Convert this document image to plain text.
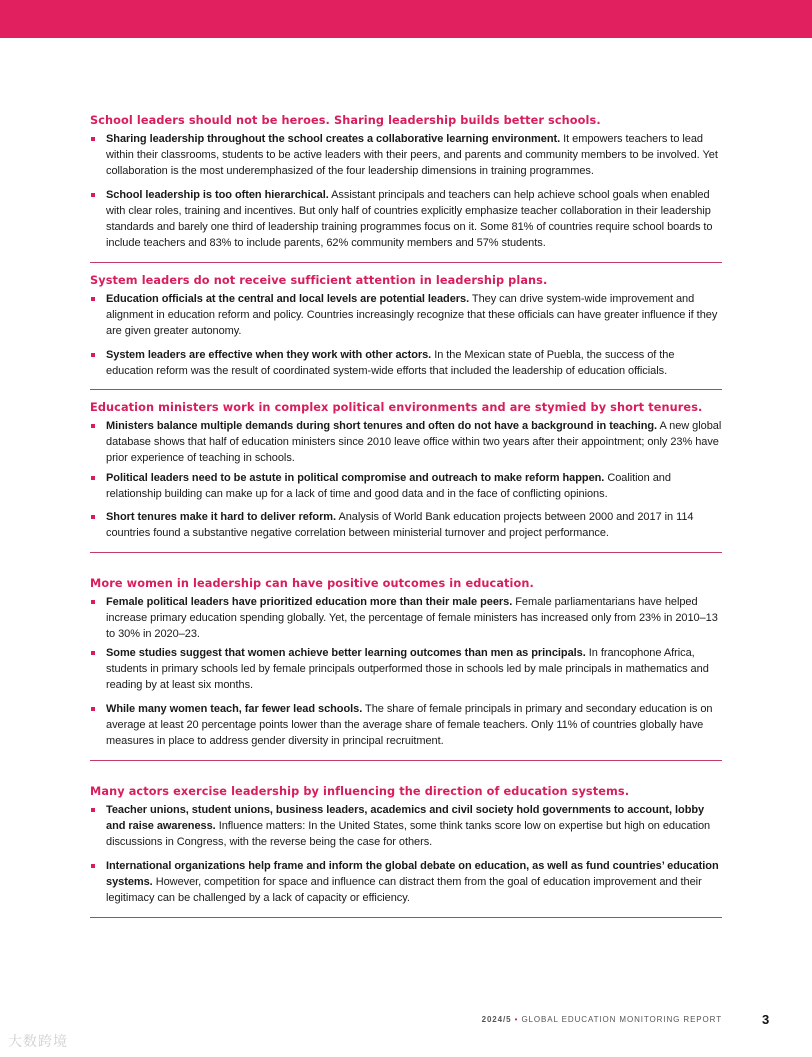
School leaders should not be heroes. Sharing leadership builds better schools.
Sharing leadership throughout the school creates a collaborative learning environment. It empowers teachers to lead within their classrooms, students to be active leaders with their peers, and parents and community members to be involved. Yet collaboration is the most underemphasized of the four leadership dimensions in training programmes.
School leadership is too often hierarchical. Assistant principals and teachers can help achieve school goals when enabled with clear roles, training and incentives. But only half of countries explicitly emphasize teacher collaboration in their leadership standards and barely one third of leadership training programmes focus on it. Some 81% of countries require school boards to include teachers and 83% to include parents, 62% community members and 57% students.
System leaders do not receive sufficient attention in leadership plans.
Education officials at the central and local levels are potential leaders. They can drive system-wide improvement and alignment in education reform and policy. Countries increasingly recognize that these officials can have greater influence if they are given greater autonomy.
System leaders are effective when they work with other actors. In the Mexican state of Puebla, the success of the education reform was the result of coordinated system-wide efforts that included the leadership of education officials.
Education ministers work in complex political environments and are stymied by short tenures.
Ministers balance multiple demands during short tenures and often do not have a background in teaching. A new global database shows that half of education ministers since 2010 leave office within two years after their appointment; only 23% have prior experience of teaching in schools.
Political leaders need to be astute in political compromise and outreach to make reform happen. Coalition and relationship building can make up for a lack of time and good data and in the face of conflicting opinions.
Short tenures make it hard to deliver reform. Analysis of World Bank education projects between 2000 and 2017 in 114 countries found a substantive negative correlation between ministerial turnover and project performance.
More women in leadership can have positive outcomes in education.
Female political leaders have prioritized education more than their male peers. Female parliamentarians have helped increase primary education spending globally. Yet, the percentage of female ministers has increased only from 23% in 2010–13 to 30% in 2020–23.
Some studies suggest that women achieve better learning outcomes than men as principals. In francophone Africa, students in primary schools led by female principals outperformed those in schools led by male principals in mathematics and reading by at least six months.
While many women teach, far fewer lead schools. The share of female principals in primary and secondary education is on average at least 20 percentage points lower than the average share of female teachers. Only 11% of countries globally have measures in place to address gender diversity in principal recruitment.
Many actors exercise leadership by influencing the direction of education systems.
Teacher unions, student unions, business leaders, academics and civil society hold governments to account, lobby and raise awareness. Influence matters: In the United States, some think tanks score low on expertise but high on education discussions in Congress, with the reverse being the case for others.
International organizations help frame and inform the global debate on education, as well as fund countries’ education systems. However, competition for space and influence can distract them from the goal of education improvement and their legitimacy can be challenged by a lack of capacity or efficiency.
2024/5 • GLOBAL EDUCATION MONITORING REPORT	3
大数跨境
